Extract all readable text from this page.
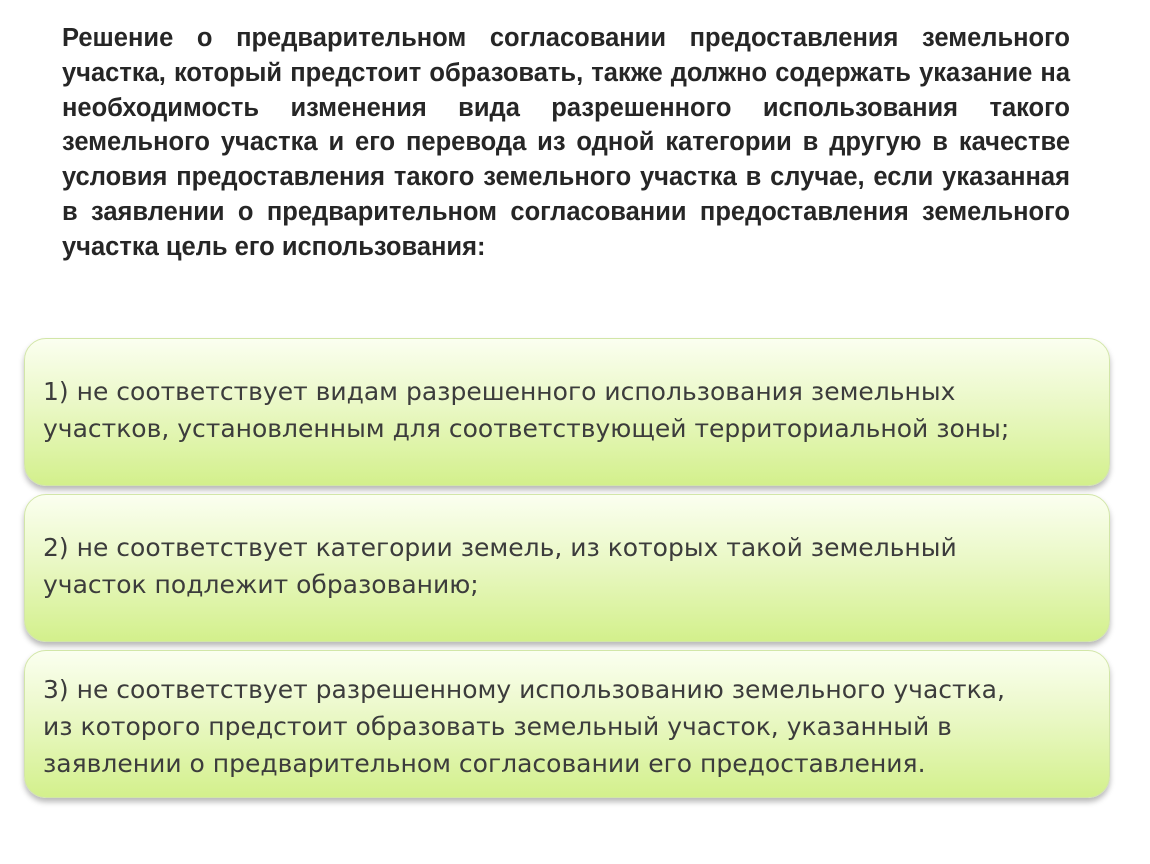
Решение о предварительном согласовании предоставления земельного участка, который предстоит образовать, также должно содержать указание на необходимость изменения вида разрешенного использования такого земельного участка и его перевода из одной категории в другую в качестве условия предоставления такого земельного участка в случае, если указанная в заявлении о предварительном согласовании предоставления земельного участка цель его использования:

1) не соответствует видам разрешенного использования земельных
участков, установленным для соответствующей территориальной зоны;

2) не соответствует категории земель, из которых такой земельный
участок подлежит образованию;

3) не соответствует разрешенному использованию земельного участка,
из которого предстоит образовать земельный участок, указанный в
заявлении о предварительном согласовании его предоставления.
